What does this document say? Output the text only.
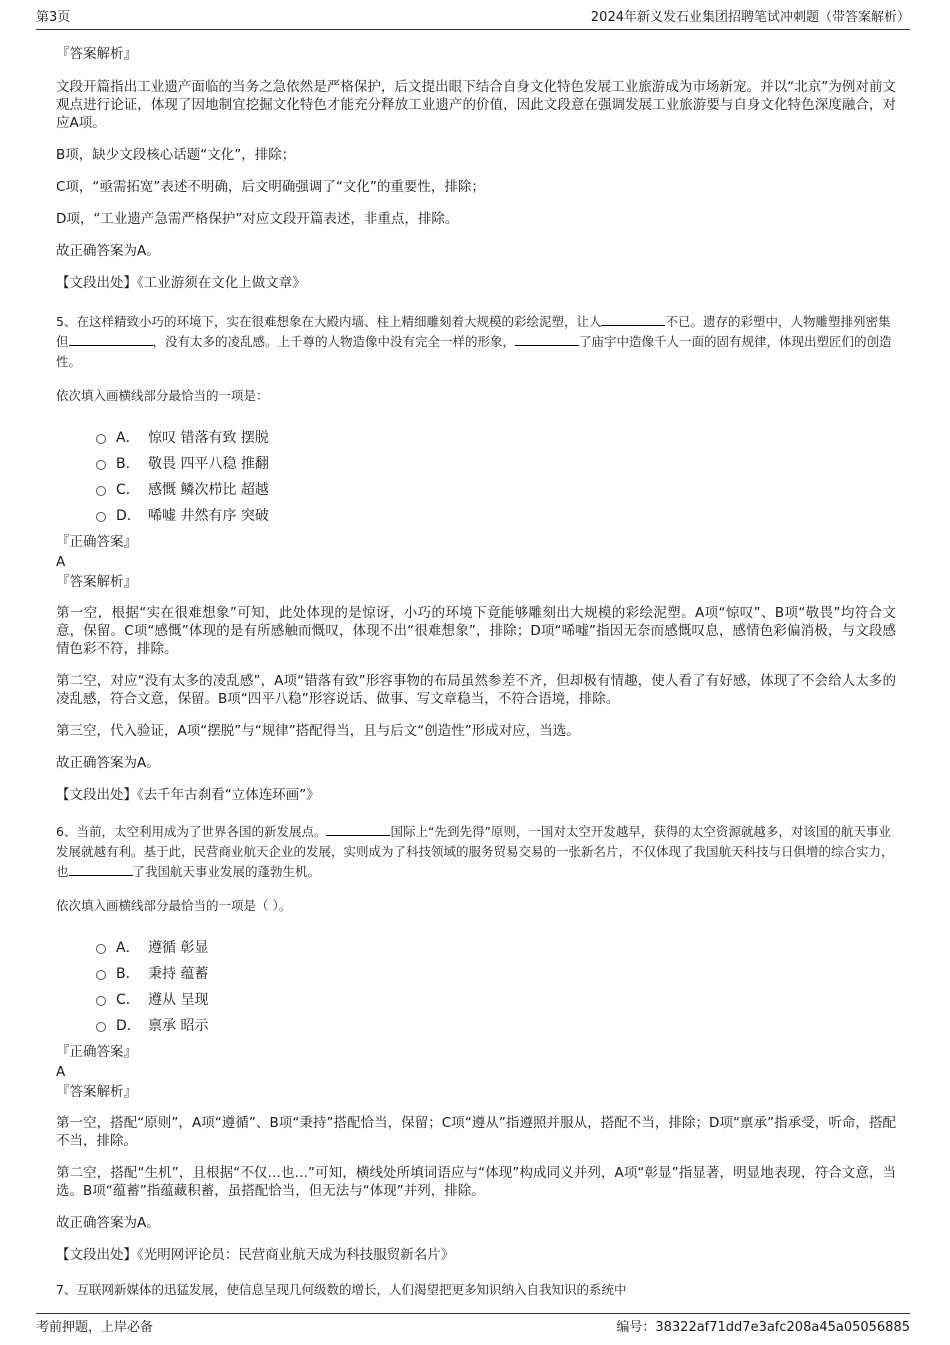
第3页	2024年新义发石业集团招聘笔试冲刺题（带答案解析）

『答案解析』

文段开篇指出工业遗产面临的当务之急依然是严格保护，后文提出眼下结合自身文化特色发展工业旅游成为市场新宠。并以“北京”为例对前文观点进行论证，体现了因地制宜挖掘文化特色才能充分释放工业遗产的价值，因此文段意在强调发展工业旅游要与自身文化特色深度融合，对应A项。

B项，缺少文段核心话题“文化”，排除；

C项，“亟需拓宽”表述不明确，后文明确强调了“文化”的重要性，排除；

D项，“工业遗产急需严格保护”对应文段开篇表述，非重点，排除。

故正确答案为A。

【文段出处】《工业游须在文化上做文章》

5、在这样精致小巧的环境下，实在很难想象在大殿内墙、柱上精细雕刻着大规模的彩绘泥塑，让人	不已。遗存的彩塑中，人物雕塑排列密集但	，没有太多的凌乱感。上千尊的人物造像中没有完全一样的形象，	了庙宇中造像千人一面的固有规律，体现出塑匠们的创造性。

依次填入画横线部分最恰当的一项是：

A． 惊叹 错落有致 摆脱
B． 敬畏 四平八稳 推翻
C． 感慨 鳞次栉比 超越
D． 唏嘘 井然有序 突破

『正确答案』

A

『答案解析』

第一空，根据“实在很难想象”可知，此处体现的是惊讶，小巧的环境下竟能够雕刻出大规模的彩绘泥塑。A项“惊叹”、B项“敬畏”均符合文意，保留。C项“感慨”体现的是有所感触而慨叹，体现不出“很难想象”，排除；D项“唏嘘”指因无奈而感慨叹息，感情色彩偏消极，与文段感情色彩不符，排除。

第二空，对应“没有太多的凌乱感”，A项“错落有致”形容事物的布局虽然参差不齐，但却极有情趣，使人看了有好感，体现了不会给人太多的凌乱感，符合文意，保留。B项“四平八稳”形容说话、做事、写文章稳当，不符合语境，排除。

第三空，代入验证，A项“摆脱”与“规律”搭配得当，且与后文“创造性”形成对应，当选。

故正确答案为A。

【文段出处】《去千年古刹看“立体连环画”》

6、当前，太空利用成为了世界各国的新发展点。	国际上“先到先得”原则，一国对太空开发越早，获得的太空资源就越多，对该国的航天事业发展就越有利。基于此，民营商业航天企业的发展，实则成为了科技领域的服务贸易交易的一张新名片，不仅体现了我国航天科技与日俱增的综合实力，也	了我国航天事业发展的蓬勃生机。

依次填入画横线部分最恰当的一项是（ ）。

A． 遵循 彰显
B． 秉持 蕴蓄
C． 遵从 呈现
D． 禀承 昭示

『正确答案』

A

『答案解析』

第一空，搭配“原则”，A项“遵循”、B项“秉持”搭配恰当，保留；C项“遵从”指遵照并服从，搭配不当，排除；D项“禀承”指承受，听命，搭配不当，排除。

第二空，搭配“生机”，且根据“不仅…也…”可知，横线处所填词语应与“体现”构成同义并列，A项“彰显”指显著，明显地表现，符合文意，当选。B项“蕴蓄”指蕴藏积蓄，虽搭配恰当，但无法与“体现”并列，排除。

故正确答案为A。

【文段出处】《光明网评论员：民营商业航天成为科技服贸新名片》

7、互联网新媒体的迅猛发展，使信息呈现几何级数的增长，人们渴望把更多知识纳入自我知识的系统中

考前押题，上岸必备	编号：38322af71dd7e3afc208a45a05056885
